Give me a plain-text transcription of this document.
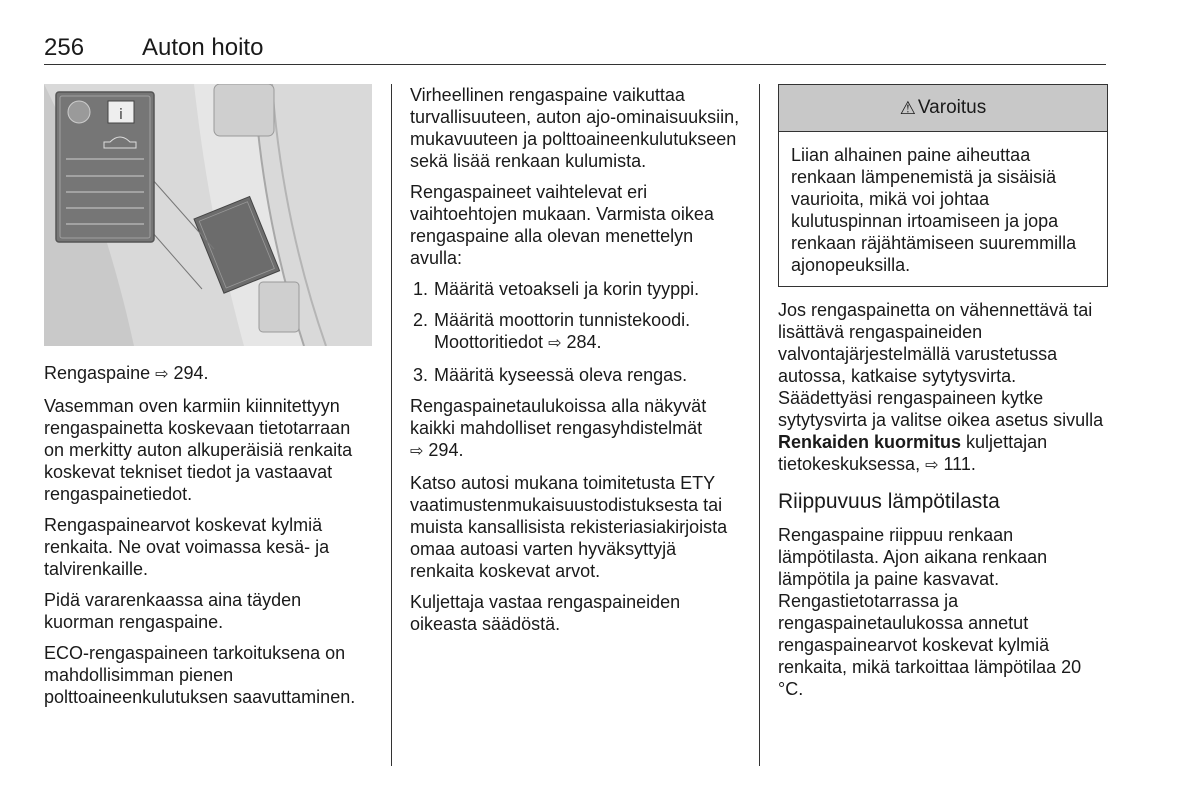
256 Auton hoito
i

Rengaspaine ⇨ 294.

Vasemman oven karmiin kiinnitettyyn rengaspainetta koskevaan tietotarraan on merkitty auton alkuperäisiä renkaita koskevat tekniset tiedot ja vastaavat rengaspainetiedot.

Rengaspainearvot koskevat kylmiä renkaita. Ne ovat voimassa kesä- ja talvirenkaille.

Pidä vararenkaassa aina täyden kuorman rengaspaine.

ECO-rengaspaineen tarkoituksena on mahdollisimman pienen polttoaineenkulutuksen saavuttaminen.

Virheellinen rengaspaine vaikuttaa turvallisuuteen, auton ajo-ominaisuuksiin, mukavuuteen ja polttoaineenkulutukseen sekä lisää renkaan kulumista.

Rengaspaineet vaihtelevat eri vaihtoehtojen mukaan. Varmista oikea rengaspaine alla olevan menettelyn avulla:

1. Määritä vetoakseli ja korin tyyppi.
2. Määritä moottorin tunnistekoodi.
Moottoritiedot ⇨ 284.
3. Määritä kyseessä oleva rengas.

Rengaspainetaulukoissa alla näkyvät kaikki mahdolliset rengasyhdistelmät
⇨ 294.

Katso autosi mukana toimitetusta ETY vaatimustenmukaisuustodistuksesta tai muista kansallisista rekisteriasiakirjoista omaa autoasi varten hyväksyttyjä renkaita koskevat arvot.

Kuljettaja vastaa rengaspaineiden oikeasta säädöstä.

⚠ Varoitus
Liian alhainen paine aiheuttaa renkaan lämpenemistä ja sisäisiä vaurioita, mikä voi johtaa kulutuspinnan irtoamiseen ja jopa renkaan räjähtämiseen suuremmilla ajonopeuksilla.

Jos rengaspainetta on vähennettävä tai lisättävä rengaspaineiden valvontajärjestelmällä varustetussa autossa, katkaise sytytysvirta. Säädettyäsi rengaspaineen kytke sytytysvirta ja valitse oikea asetus sivulla Renkaiden kuormitus kuljettajan tietokeskuksessa, ⇨ 111.

Riippuvuus lämpötilasta

Rengaspaine riippuu renkaan lämpötilasta. Ajon aikana renkaan lämpötila ja paine kasvavat. Rengastietotarrassa ja rengaspainetaulukossa annetut rengaspainearvot koskevat kylmiä renkaita, mikä tarkoittaa lämpötilaa 20 °C.
